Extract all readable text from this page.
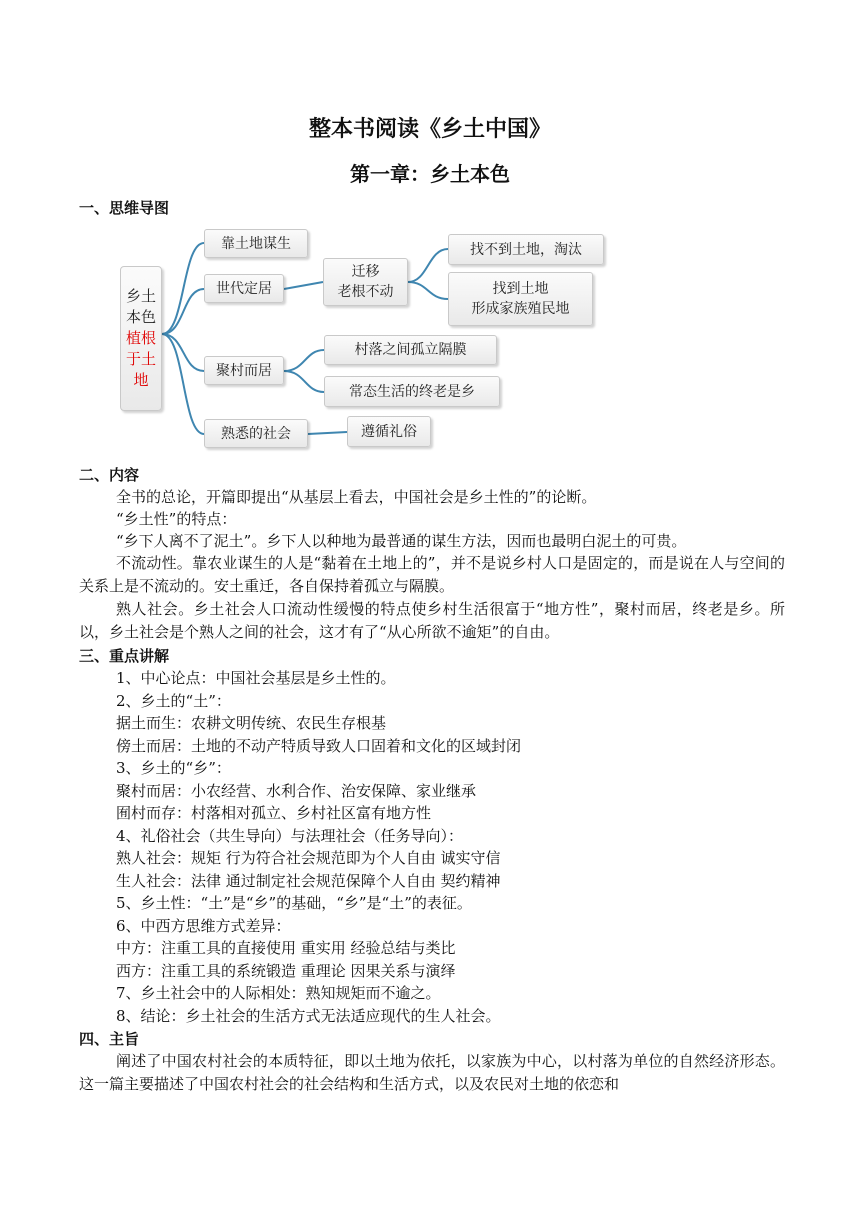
整本书阅读《乡土中国》
第一章：乡土本色
一、思维导图
乡土
本色
植根
于土
地
靠土地谋生
世代定居
聚村而居
熟悉的社会
迁移
老根不动
找不到土地，淘汰
找到土地
形成家族殖民地
村落之间孤立隔膜
常态生活的终老是乡
遵循礼俗
二、内容
全书的总论，开篇即提出“从基层上看去，中国社会是乡土性的”的论断。
“乡土性”的特点：
“乡下人离不了泥土”。乡下人以种地为最普通的谋生方法，因而也最明白泥土的可贵。
不流动性。靠农业谋生的人是“黏着在土地上的”，并不是说乡村人口是固定的，而是说在人与空间的关系上是不流动的。安土重迁，各自保持着孤立与隔膜。
熟人社会。乡土社会人口流动性缓慢的特点使乡村生活很富于“地方性”，聚村而居，终老是乡。所以，乡土社会是个熟人之间的社会，这才有了“从心所欲不逾矩”的自由。
三、重点讲解
1、中心论点：中国社会基层是乡土性的。
2、乡土的“土”：
据土而生：农耕文明传统、农民生存根基
傍土而居：土地的不动产特质导致人口固着和文化的区域封闭
3、乡土的“乡”：
聚村而居：小农经营、水利合作、治安保障、家业继承
囿村而存：村落相对孤立、乡村社区富有地方性
4、礼俗社会（共生导向）与法理社会（任务导向）：
熟人社会：规矩 行为符合社会规范即为个人自由 诚实守信
生人社会：法律 通过制定社会规范保障个人自由 契约精神
5、乡土性：“土”是“乡”的基础，“乡”是“土”的表征。
6、中西方思维方式差异：
中方：注重工具的直接使用 重实用 经验总结与类比
西方：注重工具的系统锻造 重理论 因果关系与演绎
7、乡土社会中的人际相处：熟知规矩而不逾之。
8、结论：乡土社会的生活方式无法适应现代的生人社会。
四、主旨
阐述了中国农村社会的本质特征，即以土地为依托，以家族为中心，以村落为单位的自然经济形态。这一篇主要描述了中国农村社会的社会结构和生活方式，以及农民对土地的依恋和
